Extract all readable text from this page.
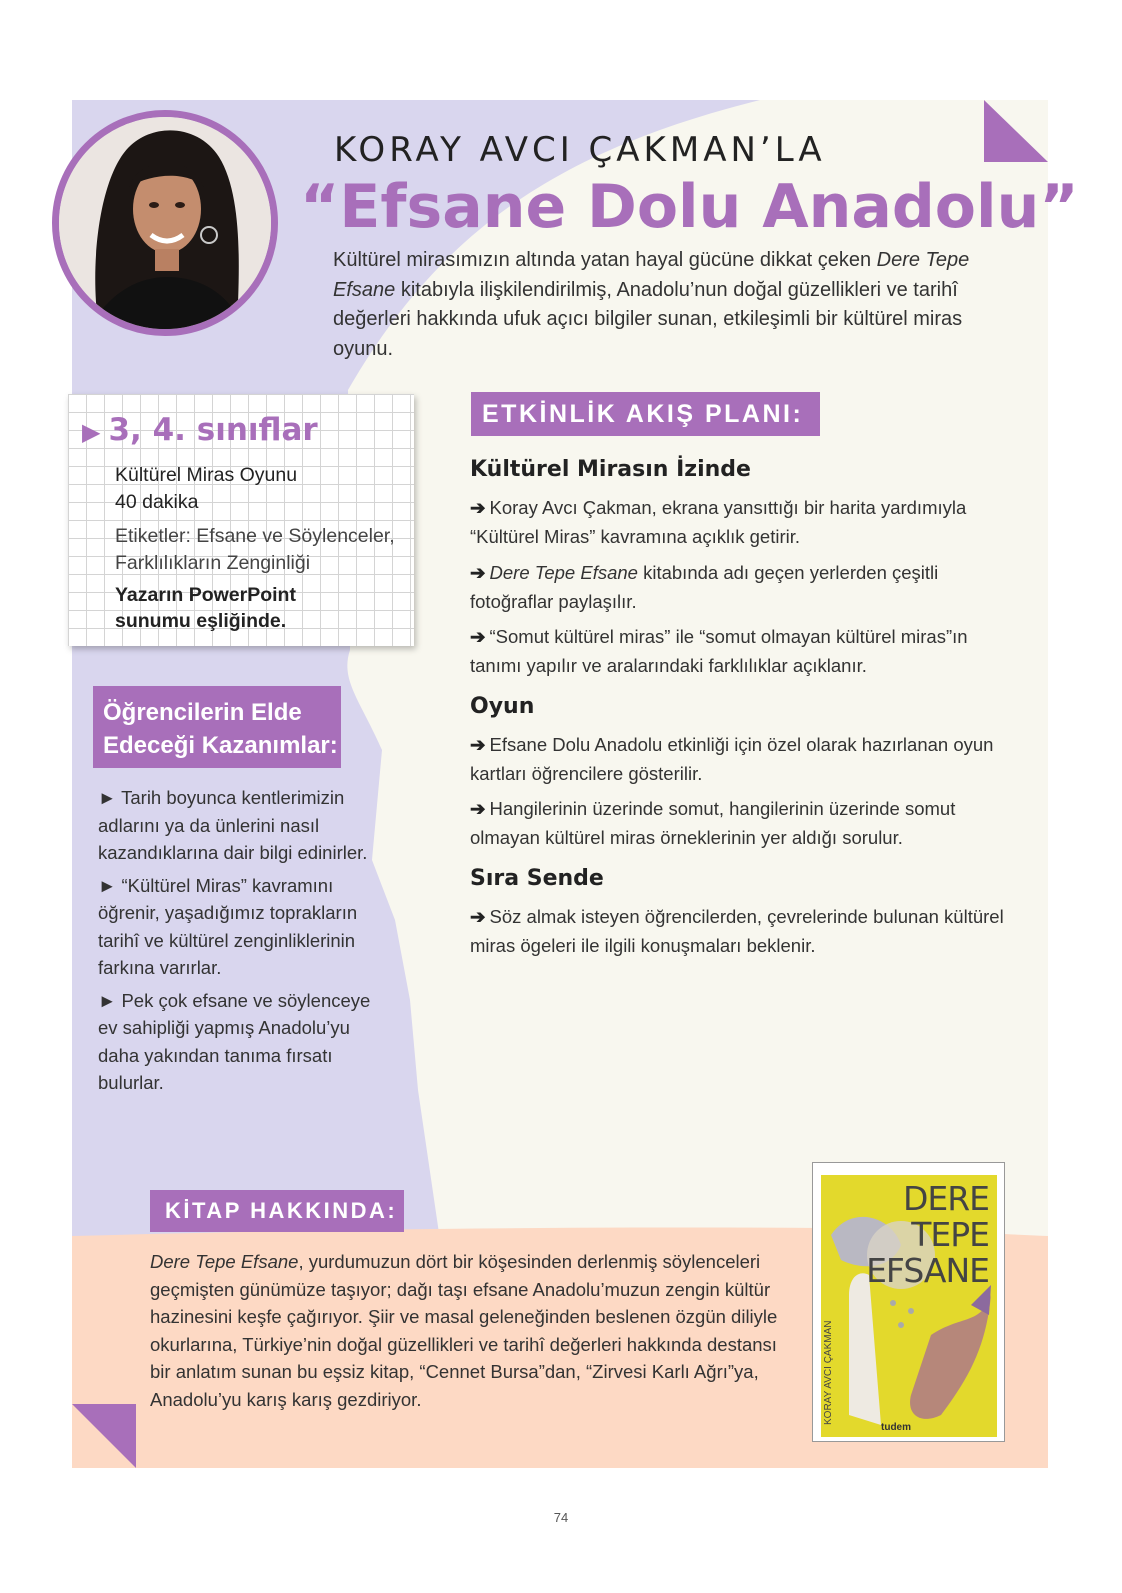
KORAY AVCI ÇAKMAN’LA
“Efsane Dolu Anadolu”
Kültürel mirasımızın altında yatan hayal gücüne dikkat çeken Dere Tepe Efsane kitabıyla ilişkilendirilmiş, Anadolu’nun doğal güzellikleri ve tarihî değerleri hakkında ufuk açıcı bilgiler sunan, etkileşimli bir kültürel miras oyunu.
▶ 3, 4. sınıflar
Kültürel Miras Oyunu
40 dakika
Etiketler: Efsane ve Söylenceler,
Farklılıkların Zenginliği
Yazarın PowerPoint
sunumu eşliğinde.
Öğrencilerin Elde Edeceği Kazanımlar:

► Tarih boyunca kentlerimizin adlarını ya da ünlerini nasıl kazandıklarına dair bilgi edinirler.

► “Kültürel Miras” kavramını öğrenir, yaşadığımız toprakların tarihî ve kültürel zenginliklerinin farkına varırlar.

► Pek çok efsane ve söylenceye ev sahipliği yapmış Anadolu’yu daha yakından tanıma fırsatı bulurlar.

ETKİNLİK AKIŞ PLANI:
Kültürel Mirasın İzinde
➔ Koray Avcı Çakman, ekrana yansıttığı bir harita yardımıyla “Kültürel Miras” kavramına açıklık getirir.
➔ Dere Tepe Efsane kitabında adı geçen yerlerden çeşitli fotoğraflar paylaşılır.
➔ “Somut kültürel miras” ile “somut olmayan kültürel miras”ın tanımı yapılır ve aralarındaki farklılıklar açıklanır.
Oyun
➔ Efsane Dolu Anadolu etkinliği için özel olarak hazırlanan oyun kartları öğrencilere gösterilir.
➔ Hangilerinin üzerinde somut, hangilerinin üzerinde somut olmayan kültürel miras örneklerinin yer aldığı sorulur.
Sıra Sende
➔ Söz almak isteyen öğrencilerden, çevrelerinde bulunan kültürel miras ögeleri ile ilgili konuşmaları beklenir.
KİTAP HAKKINDA:
Dere Tepe Efsane, yurdumuzun dört bir köşesinden derlenmiş söylenceleri geçmişten günümüze taşıyor; dağı taşı efsane Anadolu’muzun zengin kültür hazinesini keşfe çağırıyor. Şiir ve masal geleneğinden beslenen özgün diliyle okurlarına, Türkiye’nin doğal güzellikleri ve tarihî değerleri hakkında destansı bir anlatım sunan bu eşsiz kitap, “Cennet Bursa”dan, “Zirvesi Karlı Ağrı”ya, Anadolu’yu karış karış gezdiriyor.
DERE TEPE
EFSANE
KORAY AVCI ÇAKMAN
tudem
74
